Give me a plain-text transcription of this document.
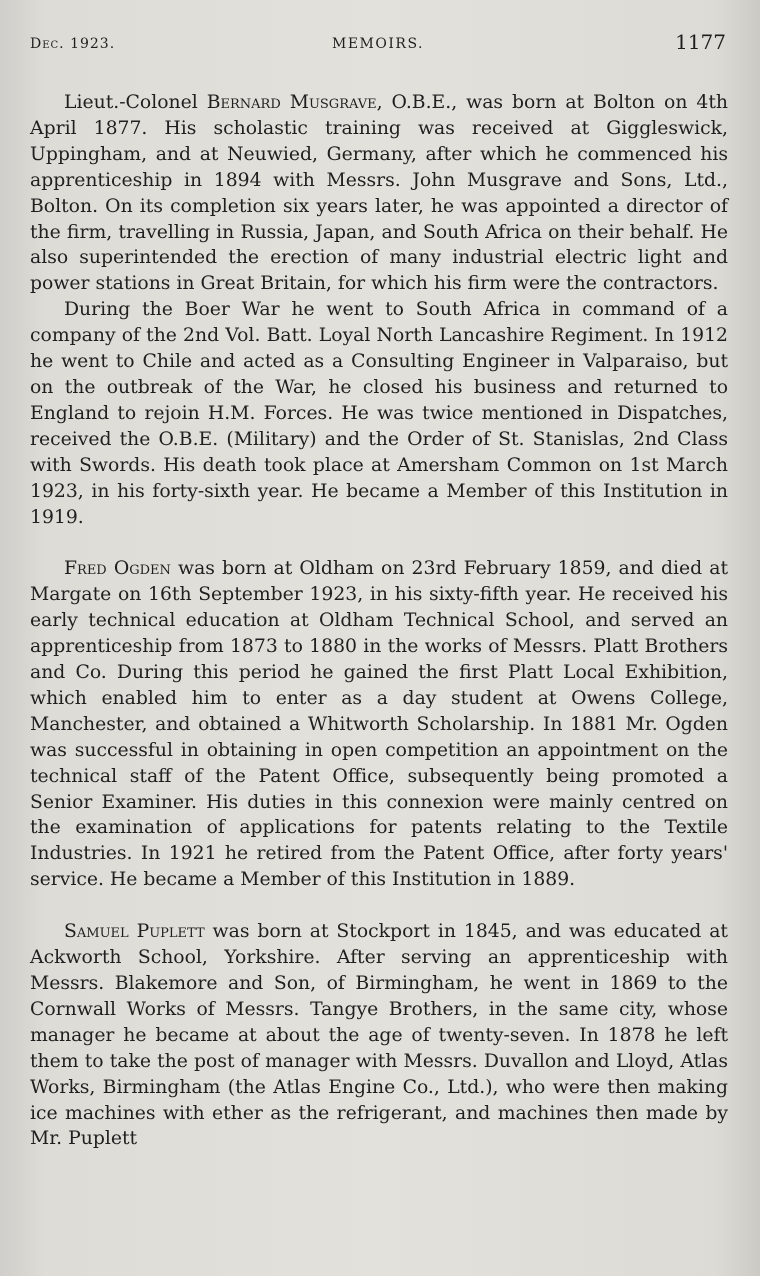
Dec. 1923.	MEMOIRS.	1177

Lieut.-Colonel Bernard Musgrave, O.B.E., was born at Bolton on 4th April 1877. His scholastic training was received at Giggleswick, Uppingham, and at Neuwied, Germany, after which he commenced his apprenticeship in 1894 with Messrs. John Musgrave and Sons, Ltd., Bolton. On its completion six years later, he was appointed a director of the firm, travelling in Russia, Japan, and South Africa on their behalf. He also superintended the erection of many industrial electric light and power stations in Great Britain, for which his firm were the contractors.

During the Boer War he went to South Africa in command of a company of the 2nd Vol. Batt. Loyal North Lancashire Regiment. In 1912 he went to Chile and acted as a Consulting Engineer in Valparaiso, but on the outbreak of the War, he closed his business and returned to England to rejoin H.M. Forces. He was twice mentioned in Dispatches, received the O.B.E. (Military) and the Order of St. Stanislas, 2nd Class with Swords. His death took place at Amersham Common on 1st March 1923, in his forty-sixth year. He became a Member of this Institution in 1919.

Fred Ogden was born at Oldham on 23rd February 1859, and died at Margate on 16th September 1923, in his sixty-fifth year. He received his early technical education at Oldham Technical School, and served an apprenticeship from 1873 to 1880 in the works of Messrs. Platt Brothers and Co. During this period he gained the first Platt Local Exhibition, which enabled him to enter as a day student at Owens College, Manchester, and obtained a Whitworth Scholarship. In 1881 Mr. Ogden was successful in obtaining in open competition an appointment on the technical staff of the Patent Office, subsequently being promoted a Senior Examiner. His duties in this connexion were mainly centred on the examination of applications for patents relating to the Textile Industries. In 1921 he retired from the Patent Office, after forty years' service. He became a Member of this Institution in 1889.

Samuel Puplett was born at Stockport in 1845, and was educated at Ackworth School, Yorkshire. After serving an apprenticeship with Messrs. Blakemore and Son, of Birmingham, he went in 1869 to the Cornwall Works of Messrs. Tangye Brothers, in the same city, whose manager he became at about the age of twenty-seven. In 1878 he left them to take the post of manager with Messrs. Duvallon and Lloyd, Atlas Works, Birmingham (the Atlas Engine Co., Ltd.), who were then making ice machines with ether as the refrigerant, and machines then made by Mr. Puplett
